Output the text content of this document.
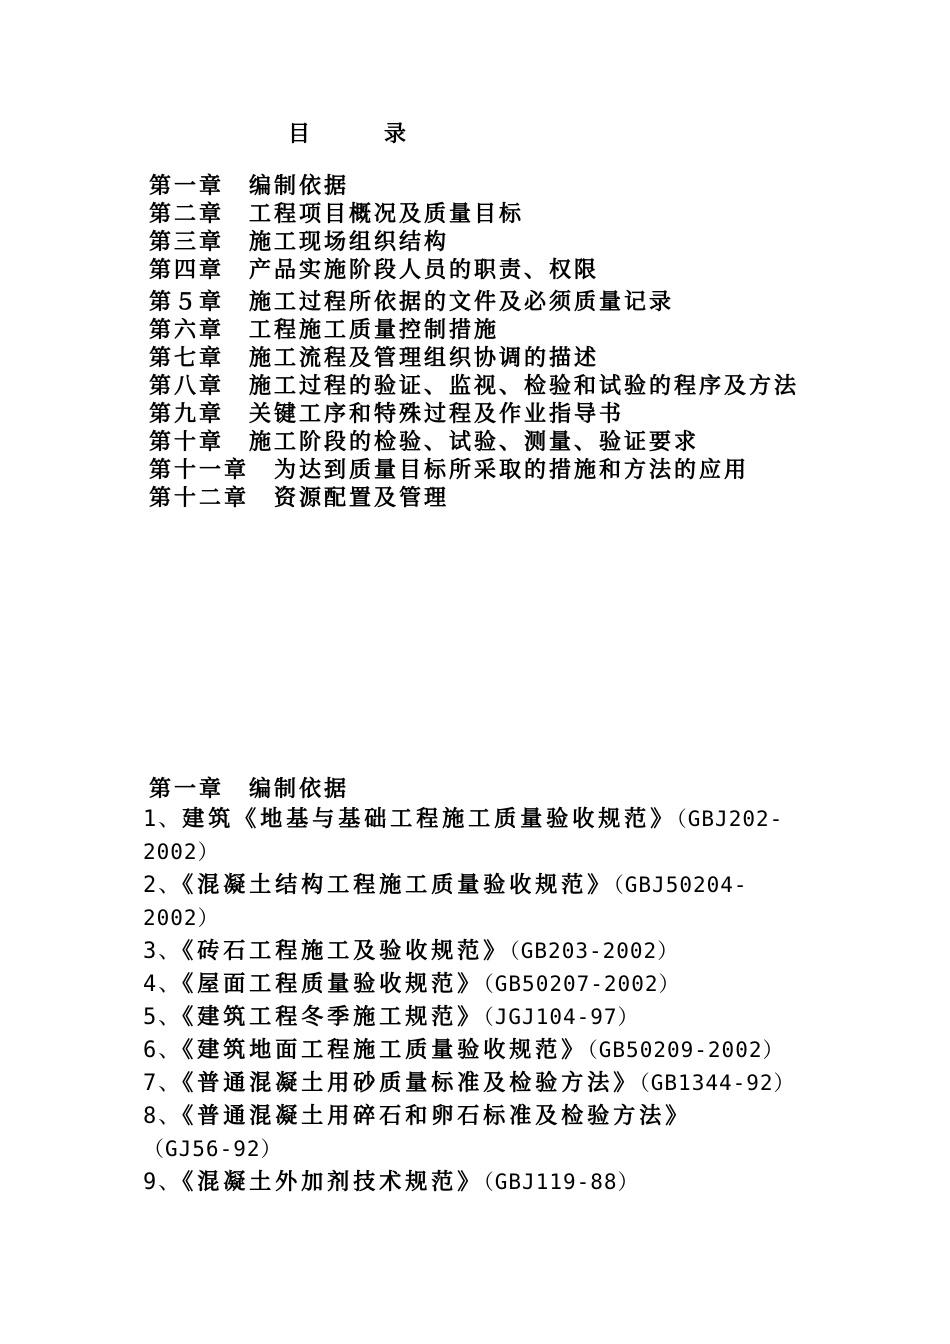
目　录
第一章 编制依据
第二章 工程项目概况及质量目标
第三章 施工现场组织结构
第四章 产品实施阶段人员的职责、权限
第５章 施工过程所依据的文件及必须质量记录
第六章 工程施工质量控制措施
第七章 施工流程及管理组织协调的描述
第八章 施工过程的验证、监视、检验和试验的程序及方法
第九章 关键工序和特殊过程及作业指导书
第十章 施工阶段的检验、试验、测量、验证要求
第十一章 为达到质量目标所采取的措施和方法的应用
第十二章 资源配置及管理
第一章 编制依据
1、建筑《地基与基础工程施工质量验收规范》（GBJ202-2002）
2、《混凝土结构工程施工质量验收规范》（GBJ50204-2002）
3、《砖石工程施工及验收规范》（GB203-2002）
4、《屋面工程质量验收规范》（GB50207-2002）
5、《建筑工程冬季施工规范》（JGJ104-97）
6、《建筑地面工程施工质量验收规范》（GB50209-2002）
7、《普通混凝土用砂质量标准及检验方法》（GB1344-92）
8、《普通混凝土用碎石和卵石标准及检验方法》（GJ56-92）
9、《混凝土外加剂技术规范》（GBJ119-88）
